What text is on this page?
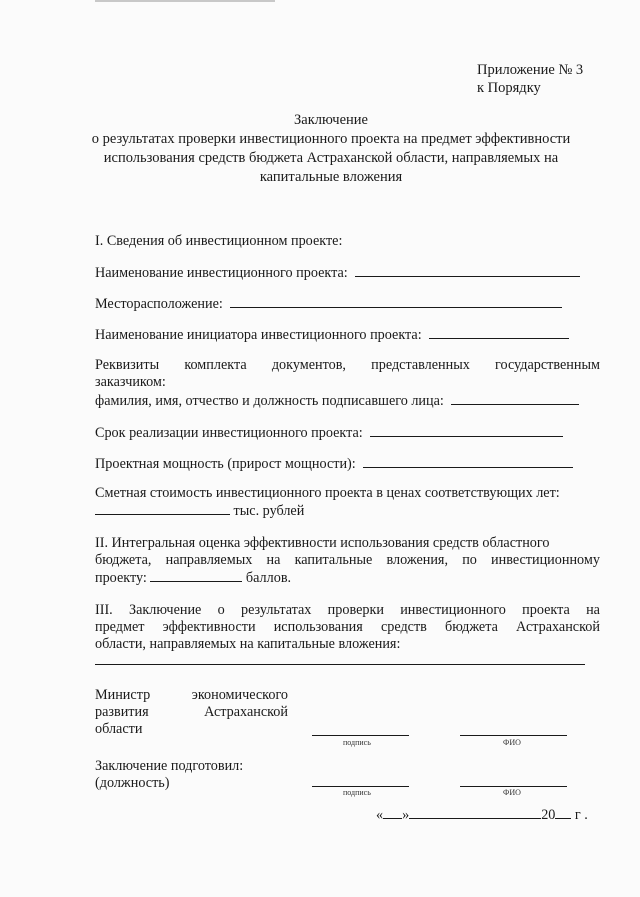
Приложение № 3
к Порядку
Заключение
о результатах проверки инвестиционного проекта на предмет эффективности
использования средств бюджета Астраханской области, направляемых на
капитальные вложения
I. Сведения об инвестиционном проекте:
Наименование инвестиционного проекта:
Месторасположение:
Наименование инициатора инвестиционного проекта:
Реквизиты комплекта документов, представленных государственным
заказчиком:
фамилия, имя, отчество и должность подписавшего лица:
Срок реализации инвестиционного проекта:
Проектная мощность (прирост мощности):
Сметная стоимость инвестиционного проекта в ценах соответствующих лет:
тыс. рублей
II. Интегральная оценка эффективности использования средств областного
бюджета, направляемых на капитальные вложения, по инвестиционному
проекту:	баллов.
III. Заключение о результатах проверки инвестиционного проекта на
предмет эффективности использования средств бюджета Астраханской
области, направляемых на капитальные вложения:
Министр	экономического
развития	Астраханской
области
подпись	ФИО
Заключение подготовил:
(должность)
подпись	ФИО
« »	20 г .
